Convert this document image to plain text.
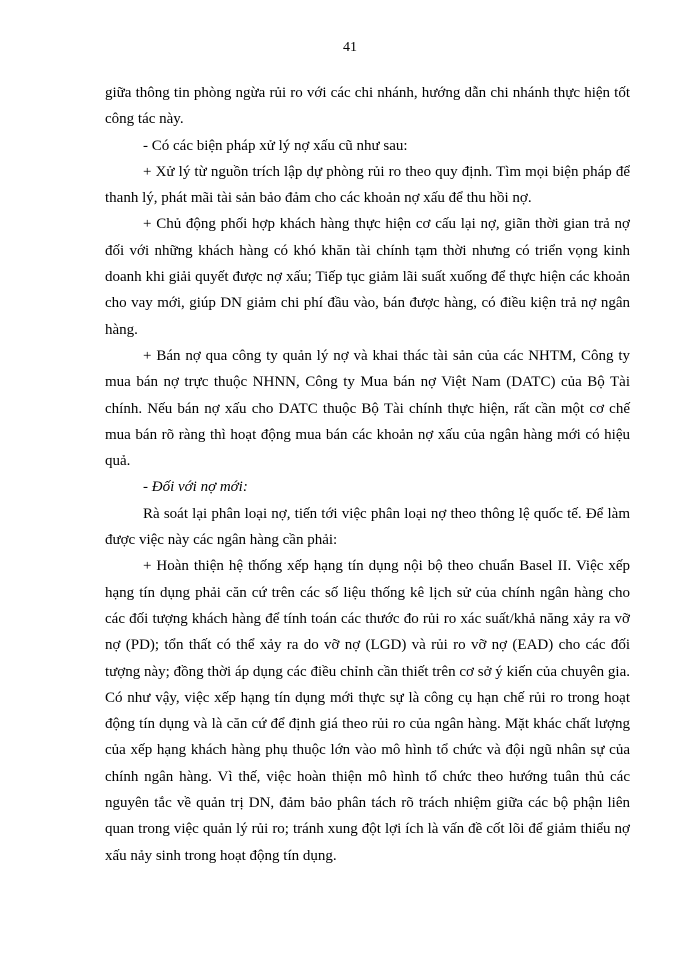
41

giữa thông tin phòng ngừa rủi ro với các chi nhánh, hướng dẫn chi nhánh thực hiện tốt công tác này.

- Có các biện pháp xử lý nợ xấu cũ như sau:

+ Xử lý từ nguồn trích lập dự phòng rủi ro theo quy định. Tìm mọi biện pháp để thanh lý, phát mãi tài sản bảo đảm cho các khoản nợ xấu để thu hồi nợ.

+ Chủ động phối hợp khách hàng thực hiện cơ cấu lại nợ, giãn thời gian trả nợ đối với những khách hàng có khó khăn tài chính tạm thời nhưng có triển vọng kinh doanh khi giải quyết được nợ xấu; Tiếp tục giảm lãi suất xuống để thực hiện các khoản cho vay mới, giúp DN giảm chi phí đầu vào, bán được hàng, có điều kiện trả nợ ngân hàng.

+ Bán nợ qua công ty quản lý nợ và khai thác tài sản của các NHTM, Công ty mua bán nợ trực thuộc NHNN, Công ty Mua bán nợ Việt Nam (DATC) của Bộ Tài chính. Nếu bán nợ xấu cho DATC thuộc Bộ Tài chính thực hiện, rất cần một cơ chế mua bán rõ ràng thì hoạt động mua bán các khoản nợ xấu của ngân hàng mới có hiệu quả.

- Đối với nợ mới:

Rà soát lại phân loại nợ, tiến tới việc phân loại nợ theo thông lệ quốc tế. Để làm được việc này các ngân hàng cần phải:

+ Hoàn thiện hệ thống xếp hạng tín dụng nội bộ theo chuẩn Basel II. Việc xếp hạng tín dụng phải căn cứ trên các số liệu thống kê lịch sử của chính ngân hàng cho các đối tượng khách hàng để tính toán các thước đo rủi ro xác suất/khả năng xảy ra vỡ nợ (PD); tổn thất có thể xảy ra do vỡ nợ (LGD) và rủi ro vỡ nợ (EAD) cho các đối tượng này; đồng thời áp dụng các điều chỉnh cần thiết trên cơ sở ý kiến của chuyên gia. Có như vậy, việc xếp hạng tín dụng mới thực sự là công cụ hạn chế rủi ro trong hoạt động tín dụng và là căn cứ để định giá theo rủi ro của ngân hàng. Mặt khác chất lượng của xếp hạng khách hàng phụ thuộc lớn vào mô hình tổ chức và đội ngũ nhân sự của chính ngân hàng. Vì thế, việc hoàn thiện mô hình tổ chức theo hướng tuân thủ các nguyên tắc về quản trị DN, đảm bảo phân tách rõ trách nhiệm giữa các bộ phận liên quan trong việc quản lý rủi ro; tránh xung đột lợi ích là vấn đề cốt lõi để giảm thiểu nợ xấu nảy sinh trong hoạt động tín dụng.
